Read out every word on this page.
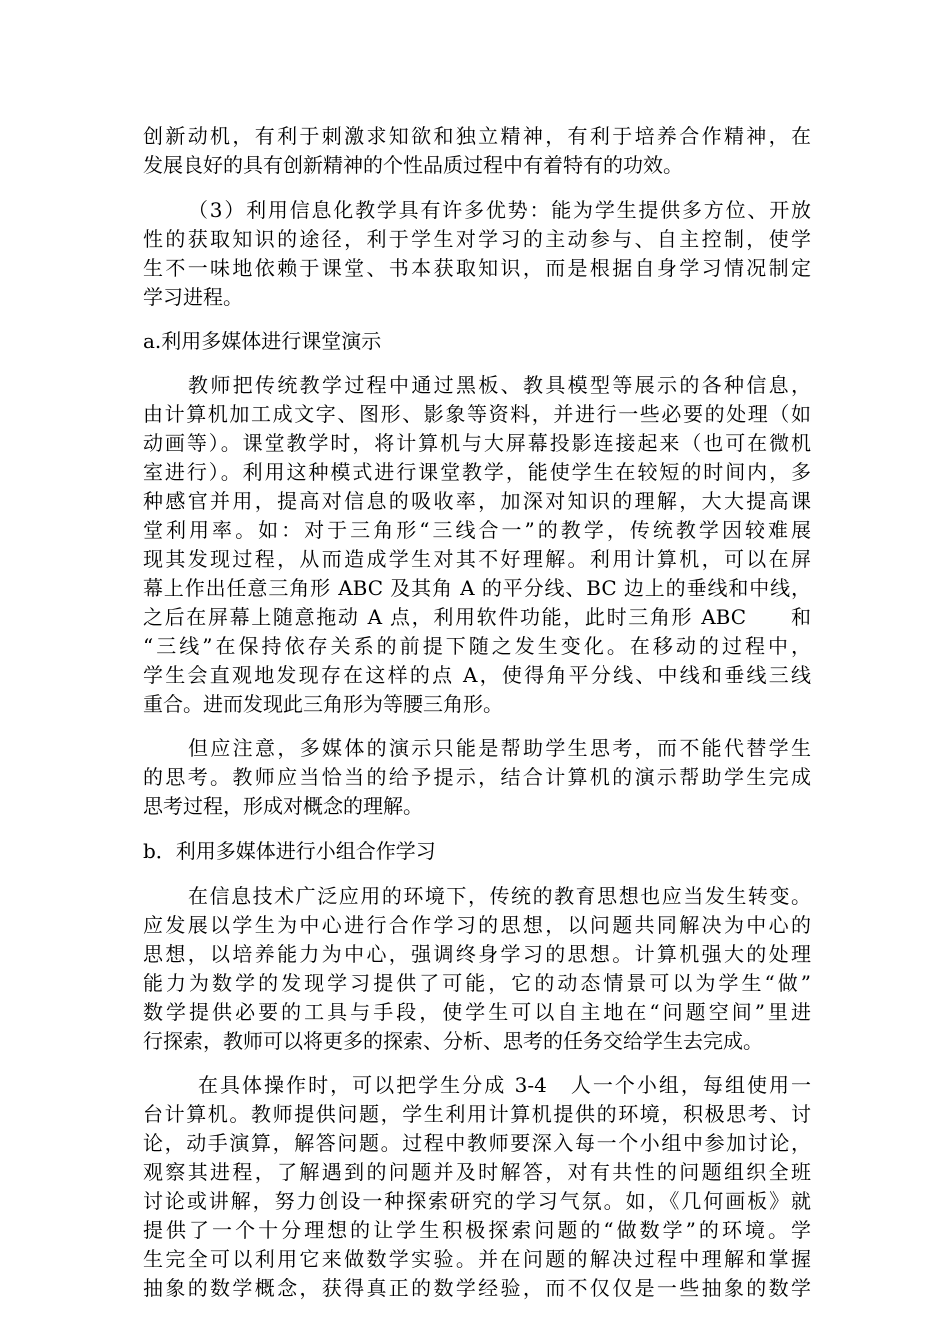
创新动机，有利于刺激求知欲和独立精神，有利于培养合作精神，在
发展良好的具有创新精神的个性品质过程中有着特有的功效。
（3）利用信息化教学具有许多优势：能为学生提供多方位、开放
性的获取知识的途径，利于学生对学习的主动参与、自主控制，使学
生不一味地依赖于课堂、书本获取知识，而是根据自身学习情况制定
学习进程。
a.利用多媒体进行课堂演示
教师把传统教学过程中通过黑板、教具模型等展示的各种信息，
由计算机加工成文字、图形、影象等资料，并进行一些必要的处理（如
动画等）。课堂教学时，将计算机与大屏幕投影连接起来（也可在微机
室进行）。利用这种模式进行课堂教学，能使学生在较短的时间内，多
种感官并用，提高对信息的吸收率，加深对知识的理解，大大提高课
堂利用率。如：对于三角形“三线合一”的教学，传统教学因较难展
现其发现过程，从而造成学生对其不好理解。利用计算机，可以在屏
幕上作出任意三角形 ABC 及其角 A 的平分线、BC 边上的垂线和中线，
之后在屏幕上随意拖动 A 点，利用软件功能，此时三角形 ABC　　和
“三线”在保持依存关系的前提下随之发生变化。在移动的过程中，
学生会直观地发现存在这样的点 A，使得角平分线、中线和垂线三线
重合。进而发现此三角形为等腰三角形。
但应注意，多媒体的演示只能是帮助学生思考，而不能代替学生
的思考。教师应当恰当的给予提示，结合计算机的演示帮助学生完成
思考过程，形成对概念的理解。
b．利用多媒体进行小组合作学习
在信息技术广泛应用的环境下，传统的教育思想也应当发生转变。
应发展以学生为中心进行合作学习的思想，以问题共同解决为中心的
思想，以培养能力为中心，强调终身学习的思想。计算机强大的处理
能力为数学的发现学习提供了可能，它的动态情景可以为学生“做”
数学提供必要的工具与手段，使学生可以自主地在“问题空间”里进
行探索，教师可以将更多的探索、分析、思考的任务交给学生去完成。
在具体操作时，可以把学生分成 3-4　人一个小组，每组使用一
台计算机。教师提供问题，学生利用计算机提供的环境，积极思考、讨
论，动手演算，解答问题。过程中教师要深入每一个小组中参加讨论，
观察其进程，了解遇到的问题并及时解答，对有共性的问题组织全班
讨论或讲解，努力创设一种探索研究的学习气氛。如，《几何画板》就
提供了一个十分理想的让学生积极探索问题的“做数学”的环境。学
生完全可以利用它来做数学实验。并在问题的解决过程中理解和掌握
抽象的数学概念，获得真正的数学经验，而不仅仅是一些抽象的数学
